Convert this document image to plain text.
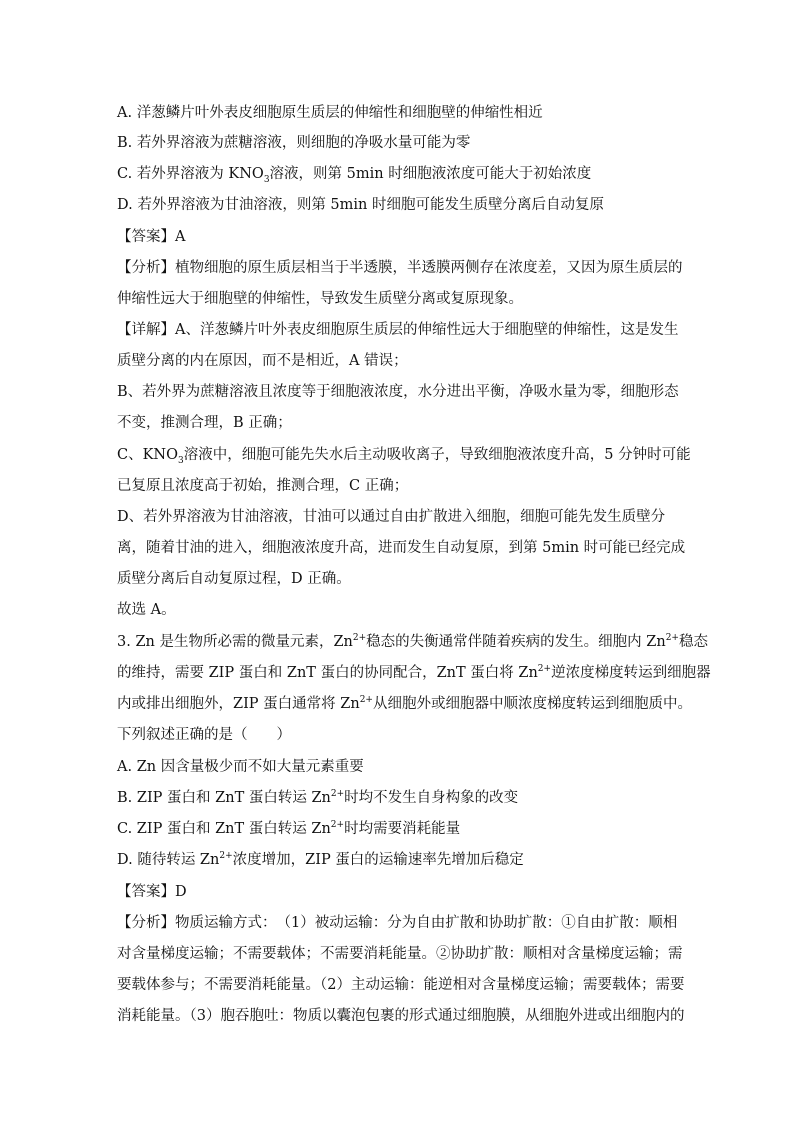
A. 洋葱鳞片叶外表皮细胞原生质层的伸缩性和细胞壁的伸缩性相近
B. 若外界溶液为蔗糖溶液，则细胞的净吸水量可能为零
C. 若外界溶液为 $KNO_3$溶液，则第 5min 时细胞液浓度可能大于初始浓度
D. 若外界溶液为甘油溶液，则第 5min 时细胞可能发生质壁分离后自动复原
【答案】A
【分析】植物细胞的原生质层相当于半透膜，半透膜两侧存在浓度差，又因为原生质层的
伸缩性远大于细胞壁的伸缩性，导致发生质壁分离或复原现象。
【详解】A、洋葱鳞片叶外表皮细胞原生质层的伸缩性远大于细胞壁的伸缩性，这是发生
质壁分离的内在原因，而不是相近，A 错误；
B、若外界为蔗糖溶液且浓度等于细胞液浓度，水分进出平衡，净吸水量为零，细胞形态
不变，推测合理，B 正确；
C、$KNO_3$溶液中，细胞可能先失水后主动吸收离子，导致细胞液浓度升高，5 分钟时可能
已复原且浓度高于初始，推测合理，C 正确；
D、若外界溶液为甘油溶液，甘油可以通过自由扩散进入细胞，细胞可能先发生质壁分
离，随着甘油的进入，细胞液浓度升高，进而发生自动复原，到第 5min 时可能已经完成
质壁分离后自动复原过程，D 正确。
故选 A。
3. Zn 是生物所必需的微量元素，$Zn^{2+}$稳态的失衡通常伴随着疾病的发生。细胞内 $Zn^{2+}$稳态
的维持，需要 ZIP 蛋白和 ZnT 蛋白的协同配合，ZnT 蛋白将 $Zn^{2+}$逆浓度梯度转运到细胞器
内或排出细胞外，ZIP 蛋白通常将 $Zn^{2+}$从细胞外或细胞器中顺浓度梯度转运到细胞质中。
下列叙述正确的是（　　）
A. Zn 因含量极少而不如大量元素重要
B. ZIP 蛋白和 ZnT 蛋白转运 $Zn^{2+}$时均不发生自身构象的改变
C. ZIP 蛋白和 ZnT 蛋白转运 $Zn^{2+}$时均需要消耗能量
D. 随待转运 $Zn^{2+}$浓度增加，ZIP 蛋白的运输速率先增加后稳定
【答案】D
【分析】物质运输方式：　（1）被动运输：分为自由扩散和协助扩散：①自由扩散：顺相
对含量梯度运输；不需要载体；不需要消耗能量。②协助扩散：顺相对含量梯度运输；需
要载体参与；不需要消耗能量。（2）主动运输：能逆相对含量梯度运输；需要载体；需要
消耗能量。（3）胞吞胞吐：物质以囊泡包裹的形式通过细胞膜，从细胞外进或出细胞内的
